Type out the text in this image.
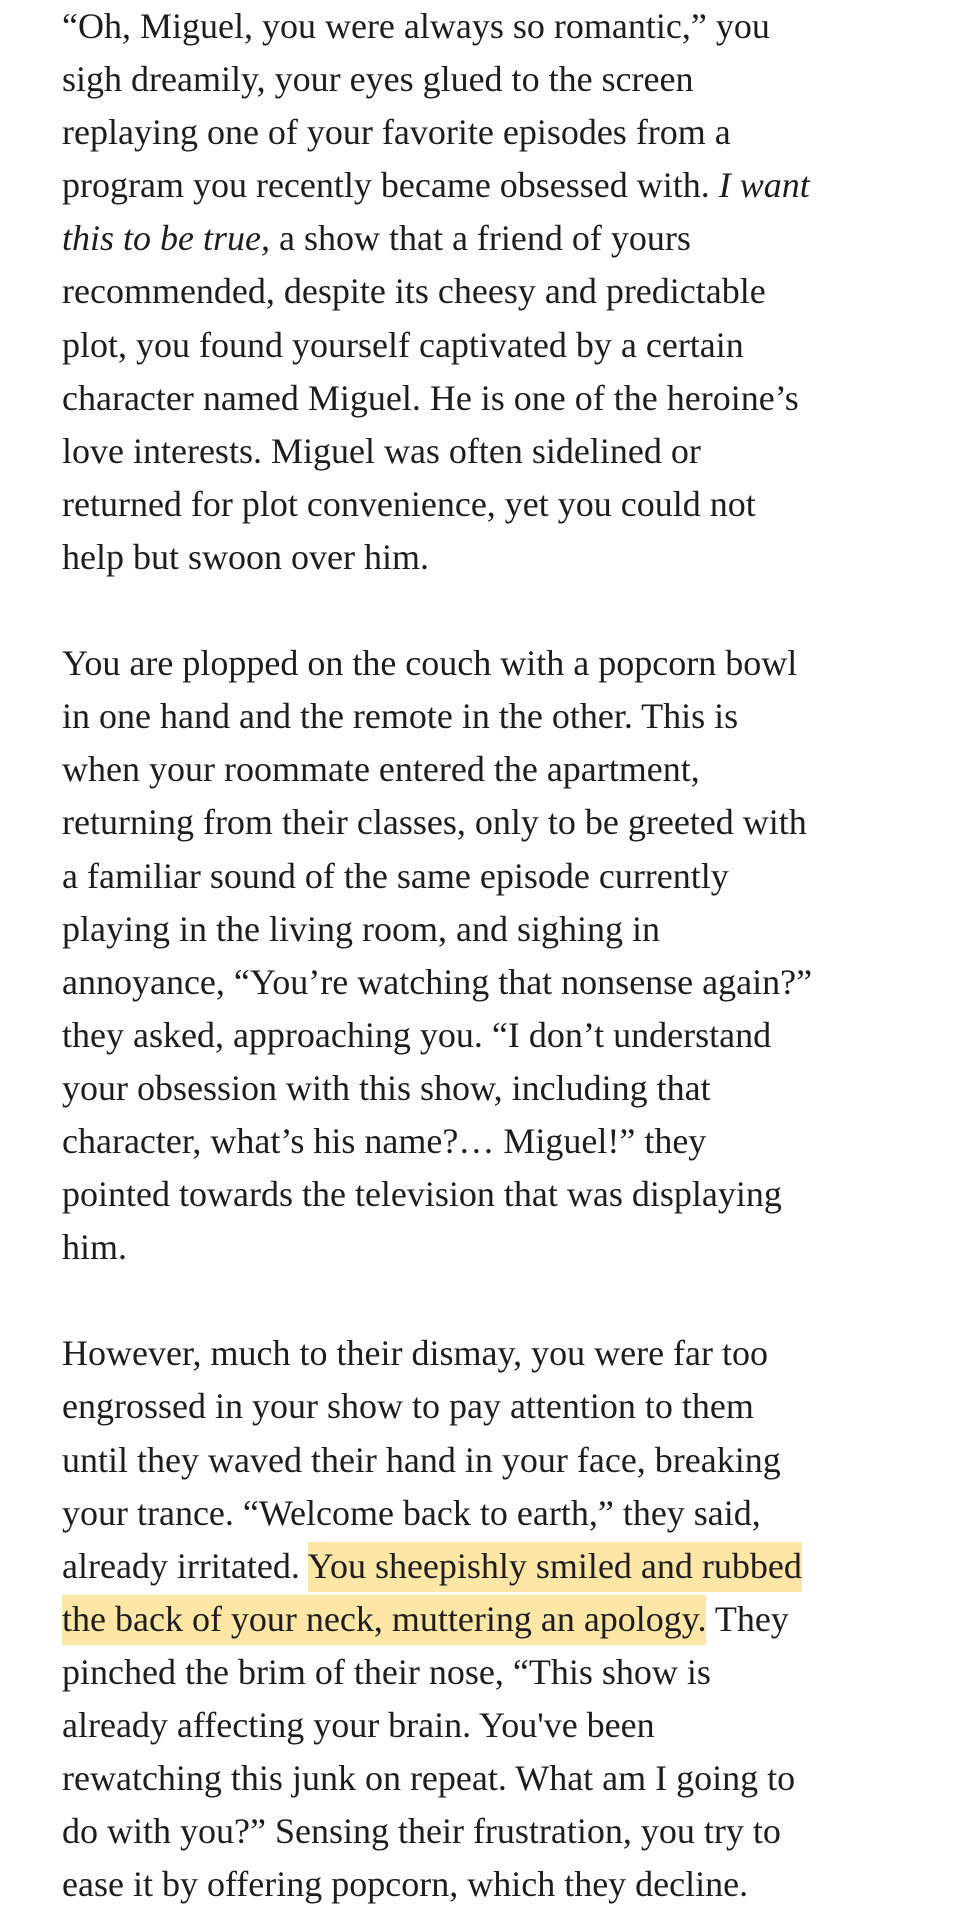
“Oh, Miguel, you were always so romantic,” you
sigh dreamily, your eyes glued to the screen
replaying one of your favorite episodes from a
program you recently became obsessed with. I want
this to be true, a show that a friend of yours
recommended, despite its cheesy and predictable
plot, you found yourself captivated by a certain
character named Miguel. He is one of the heroine’s
love interests. Miguel was often sidelined or
returned for plot convenience, yet you could not
help but swoon over him.
You are plopped on the couch with a popcorn bowl
in one hand and the remote in the other. This is
when your roommate entered the apartment,
returning from their classes, only to be greeted with
a familiar sound of the same episode currently
playing in the living room, and sighing in
annoyance, “You’re watching that nonsense again?”
they asked, approaching you. “I don’t understand
your obsession with this show, including that
character, what’s his name?… Miguel!” they
pointed towards the television that was displaying
him.
However, much to their dismay, you were far too
engrossed in your show to pay attention to them
until they waved their hand in your face, breaking
your trance. “Welcome back to earth,” they said,
already irritated. You sheepishly smiled and rubbed
the back of your neck, muttering an apology. They
pinched the brim of their nose, “This show is
already affecting your brain. You've been
rewatching this junk on repeat. What am I going to
do with you?” Sensing their frustration, you try to
ease it by offering popcorn, which they decline.
